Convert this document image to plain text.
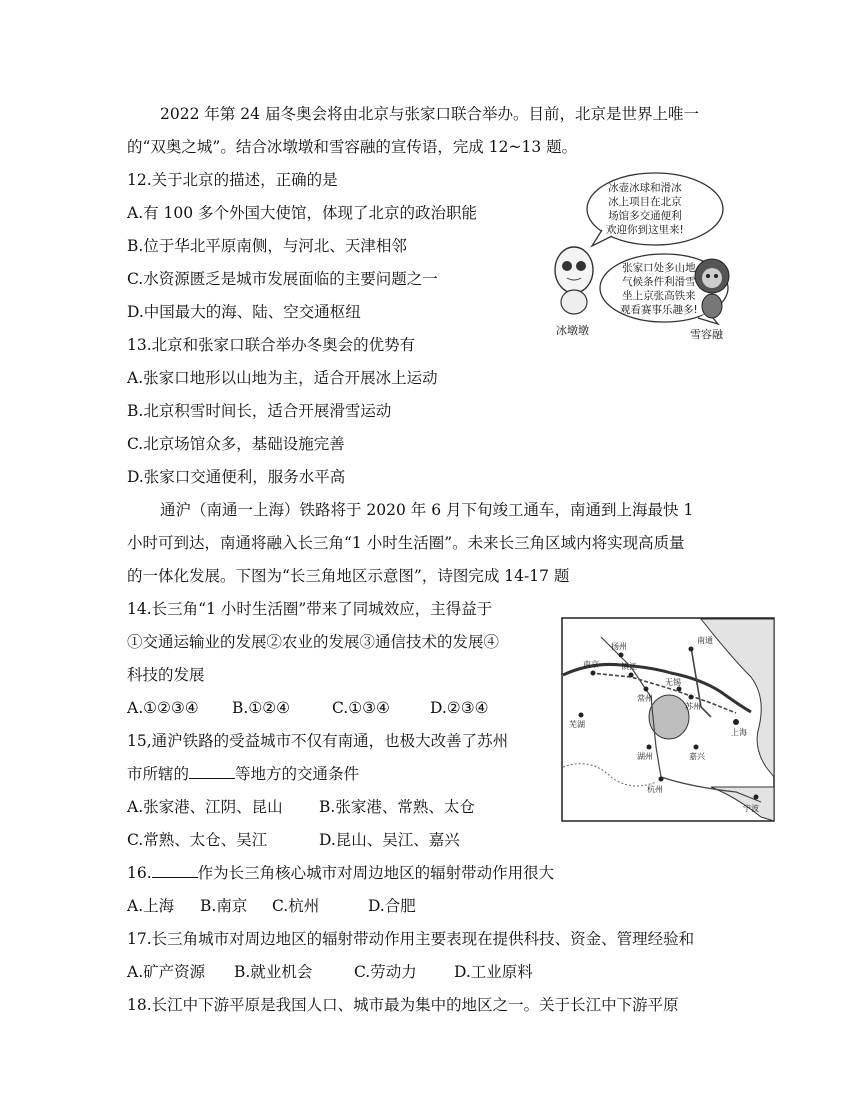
2022 年第 24 届冬奥会将由北京与张家口联合举办。目前，北京是世界上唯一
的“双奥之城”。结合冰墩墩和雪容融的宣传语，完成 12~13 题。
12.关于北京的描述，正确的是
A.有 100 多个外国大使馆，体现了北京的政治职能
B.位于华北平原南侧，与河北、天津相邻
C.水资源匮乏是城市发展面临的主要问题之一
D.中国最大的海、陆、空交通枢纽
冰壶冰球和滑冰
冰上项目在北京
场馆多交通便利
欢迎你到这里来!
张家口处多山地
气候条件利滑雪
坐上京张高铁来
观看赛事乐趣多!
冰墩墩	雪容融
13.北京和张家口联合举办冬奥会的优势有
A.张家口地形以山地为主，适合开展冰上运动
B.北京积雪时间长，适合开展滑雪运动
C.北京场馆众多，基础设施完善
D.张家口交通便利，服务水平高
通沪（南通一上海）铁路将于 2020 年 6 月下旬竣工通车，南通到上海最快 1
小时可到达，南通将融入长三角“1 小时生活圈”。未来长三角区域内将实现高质量
的一体化发展。下图为“长三角地区示意图”，诗图完成 14-17 题
14.长三角“1 小时生活圈”带来了同城效应，主得益于
①交通运输业的发展②农业的发展③通信技术的发展④
科技的发展
A.①②③④ B.①②④	C.①③④	D.②③④
扬州
南京	镇江
南通
常州
无锡
苏州
湖州	嘉兴
上海
杭州
宁波
芜湖
15,通沪铁路的受益城市不仅有南通，也极大改善了苏州
市所辖的	等地方的交通条件
A.张家港、江阴、昆山 B.张家港、常熟、太仓
C.常熟、太仓、吴江	D.昆山、吴江、嘉兴
16.	作为长三角核心城市对周边地区的辐射带动作用很大
A.上海 B.南京 C.杭州	D.合肥
17.长三角城市对周边地区的辐射带动作用主要表现在提供科技、资金、管理经验和
A.矿产资源 B.就业机会	C.劳动力 D.工业原料
18.长江中下游平原是我国人口、城市最为集中的地区之一。关于长江中下游平原
